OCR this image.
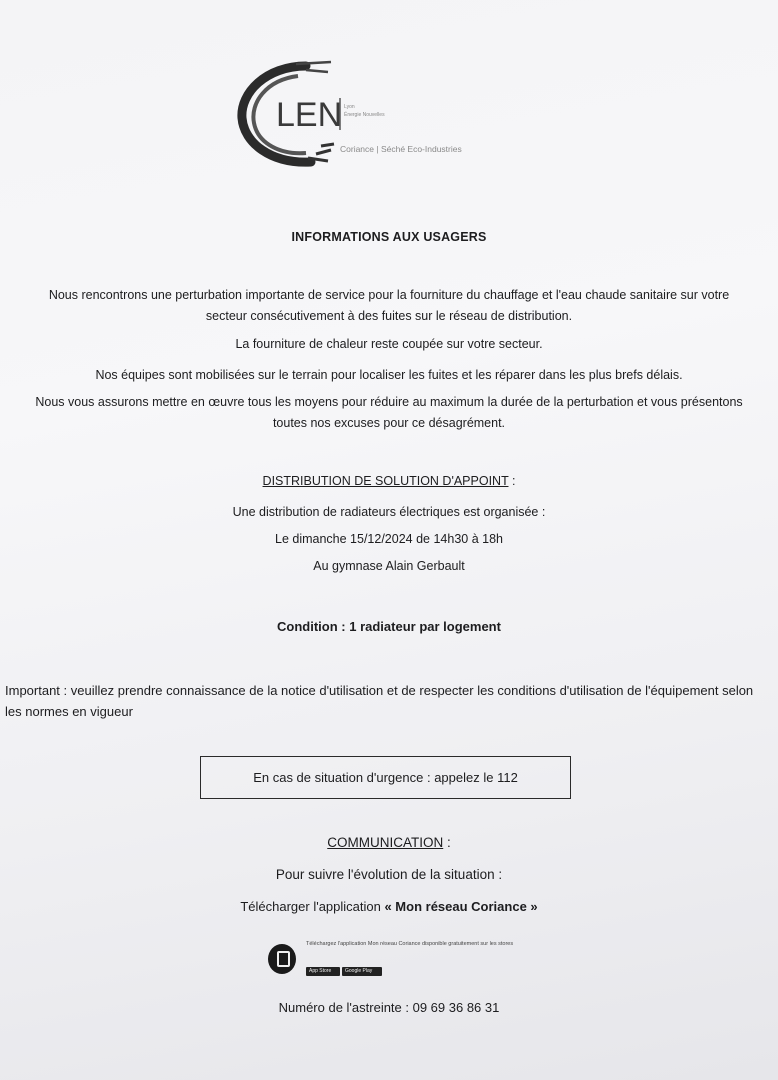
LEN Lyon
Énergie Nouvelles
Coriance | Séché Eco-Industries
INFORMATIONS AUX USAGERS
Nous rencontrons une perturbation importante de service pour la fourniture du chauffage et l'eau chaude sanitaire sur votre secteur consécutivement à des fuites sur le réseau de distribution.
La fourniture de chaleur reste coupée sur votre secteur.
Nos équipes sont mobilisées sur le terrain pour localiser les fuites et les réparer dans les plus brefs délais.
Nous vous assurons mettre en œuvre tous les moyens pour réduire au maximum la durée de la perturbation et vous présentons toutes nos excuses pour ce désagrément.
DISTRIBUTION DE SOLUTION D'APPOINT :
Une distribution de radiateurs électriques est organisée :
Le dimanche 15/12/2024 de 14h30 à 18h
Au gymnase Alain Gerbault
Condition : 1 radiateur par logement
Important : veuillez prendre connaissance de la notice d'utilisation et de respecter les conditions d'utilisation de l'équipement selon les normes en vigueur
En cas de situation d'urgence : appelez le 112
COMMUNICATION :
Pour suivre l'évolution de la situation :
Télécharger l'application « Mon réseau Coriance »
Téléchargez l'application Mon réseau Coriance disponible gratuitement sur les stores
App Store	Google Play
Numéro de l'astreinte : 09 69 36 86 31
